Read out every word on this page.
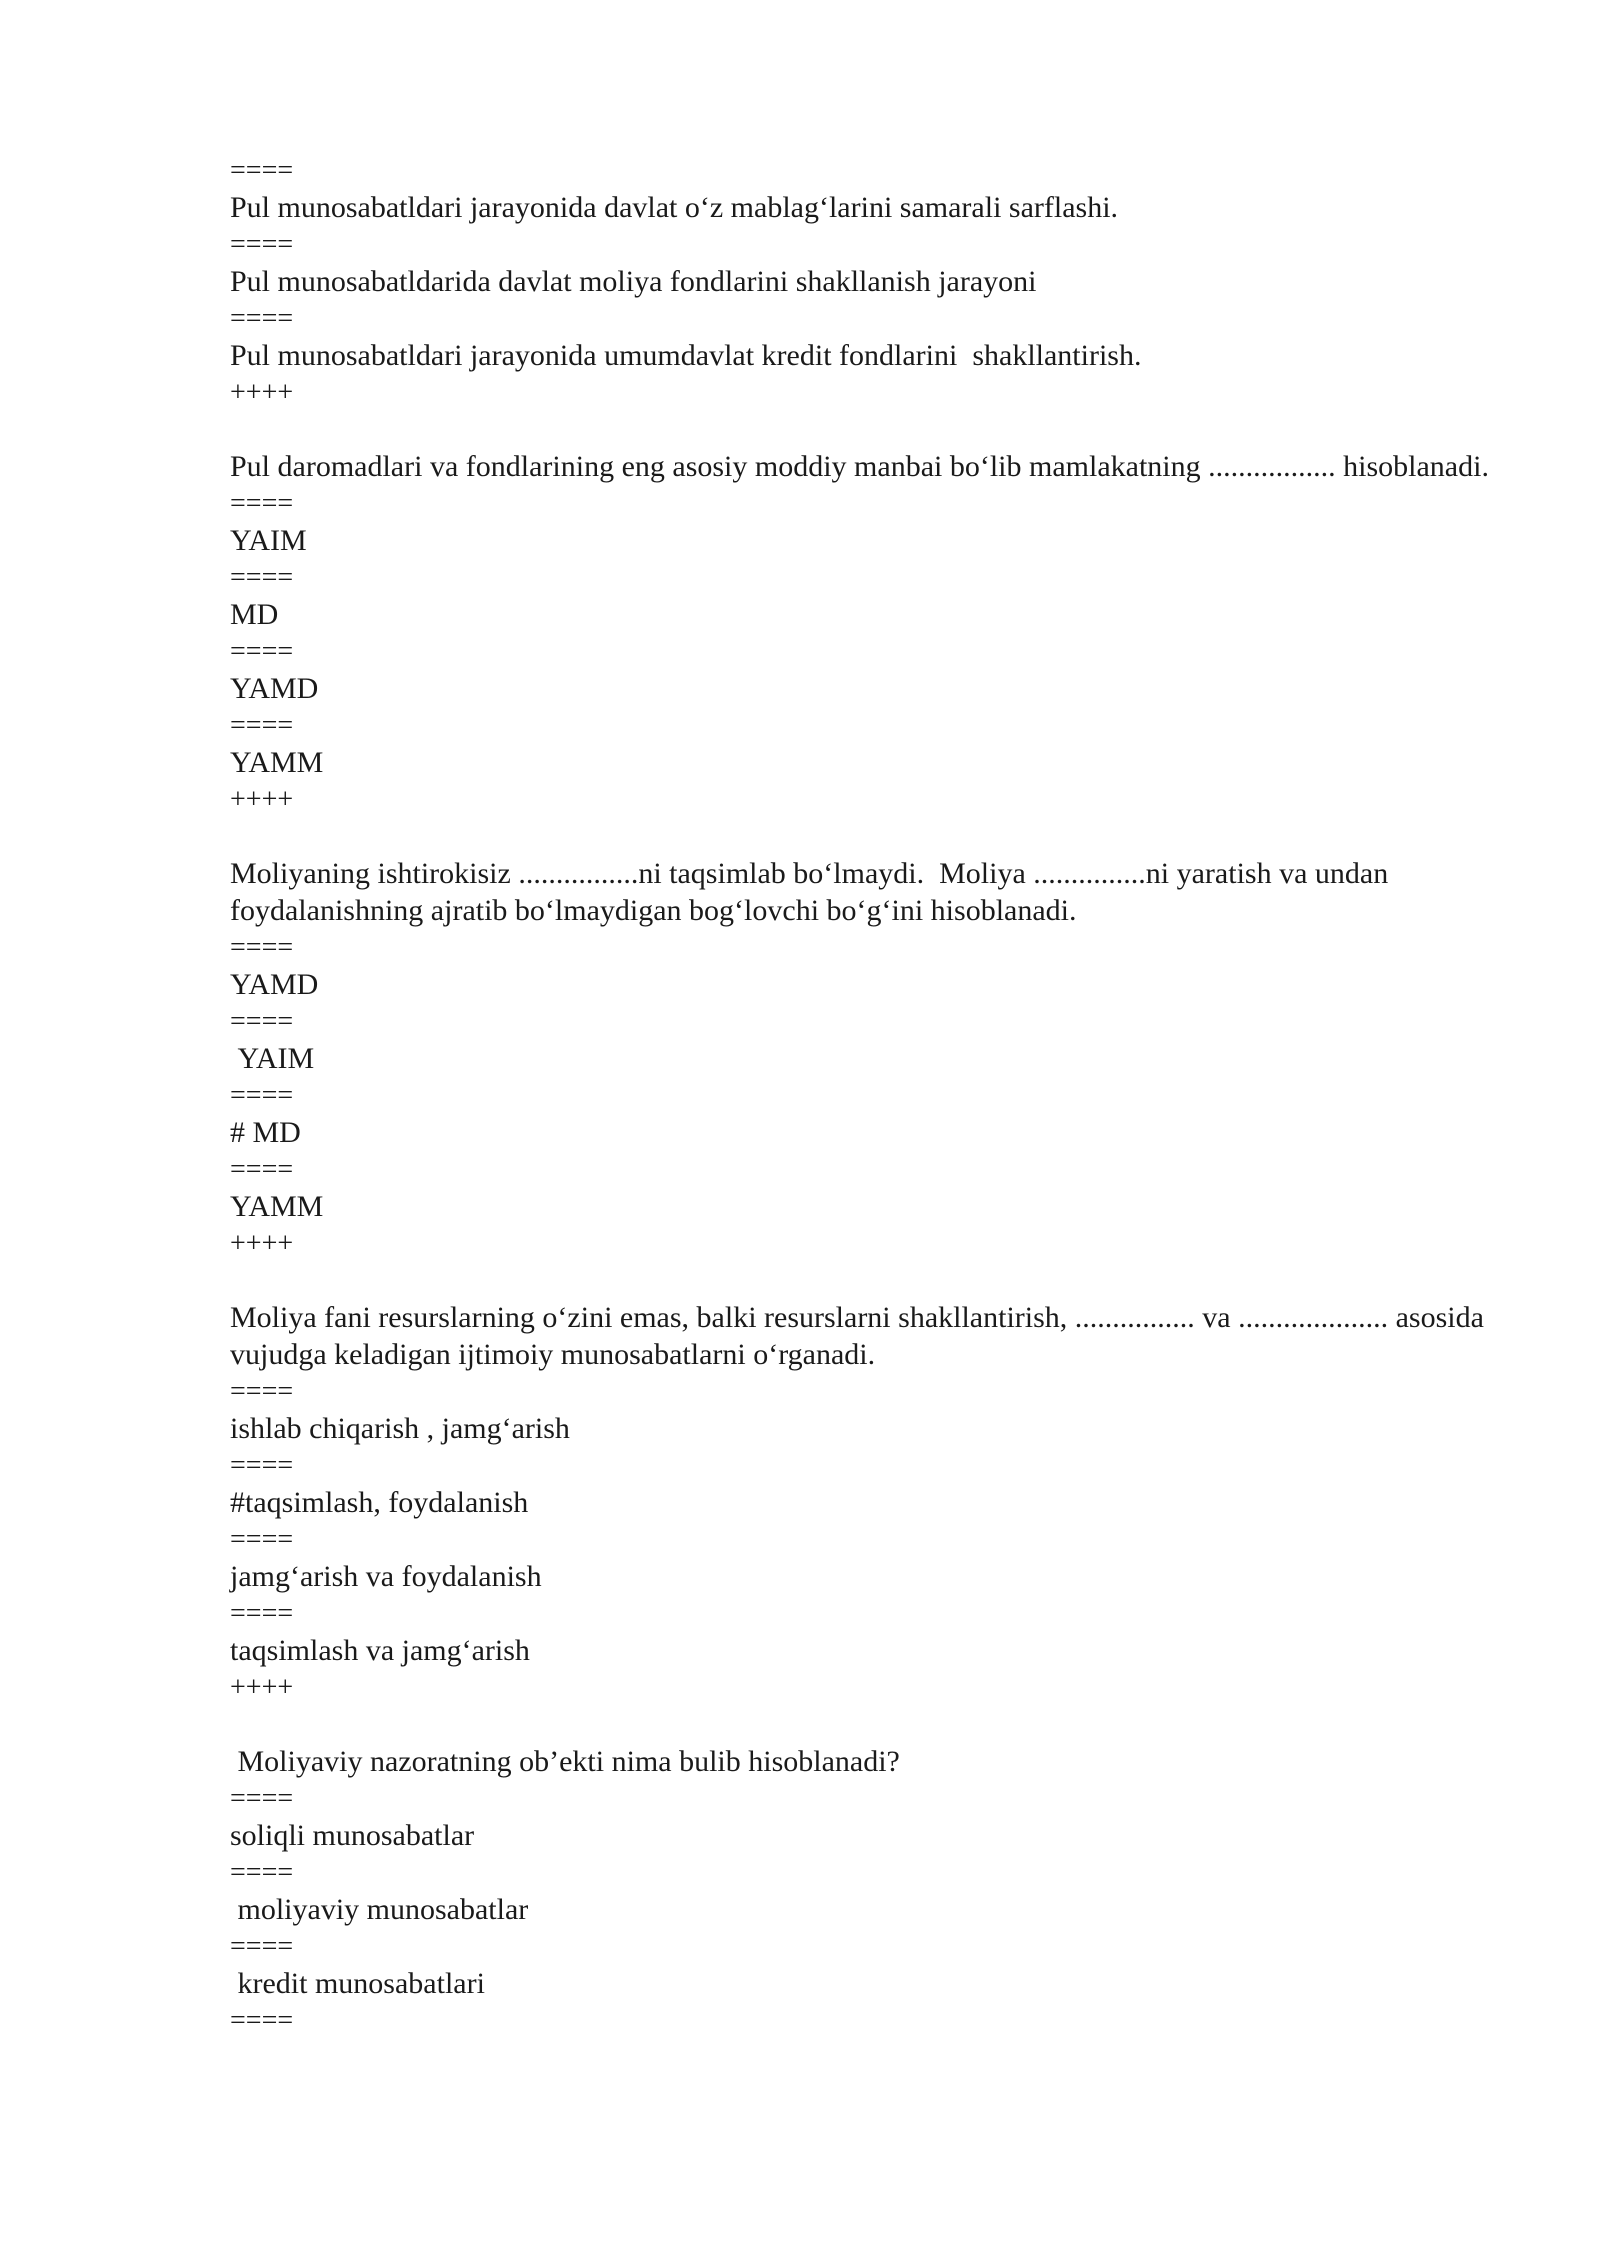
====
Pul munosabatldari jarayonida davlat o‘z mablag‘larini samarali sarflashi.
====
Pul munosabatldarida davlat moliya fondlarini shakllanish jarayoni
====
Pul munosabatldari jarayonida umumdavlat kredit fondlarini  shakllantirish.
++++
Pul daromadlari va fondlarining eng asosiy moddiy manbai bo‘lib mamlakatning ................. hisoblanadi.
====
YAIM
====
MD
====
YAMD
====
YAMM
++++
Moliyaning ishtirokisiz ................ni taqsimlab bo‘lmaydi.  Moliya ...............ni yaratish va undan foydalanishning ajratib bo‘lmaydigan bog‘lovchi bo‘g‘ini hisoblanadi.
====
YAMD
====
YAIM
====
# MD
====
YAMM
++++
Moliya fani resurslarning o‘zini emas, balki resurslarni shakllantirish, ................ va .................... asosida vujudga keladigan ijtimoiy munosabatlarni o‘rganadi.
====
ishlab chiqarish , jamg‘arish
====
#taqsimlash, foydalanish
====
jamg‘arish va foydalanish
====
taqsimlash va jamg‘arish
++++
Moliyaviy nazoratning ob’ekti nima bulib hisoblanadi?
====
soliqli munosabatlar
====
moliyaviy munosabatlar
====
kredit munosabatlari
====
